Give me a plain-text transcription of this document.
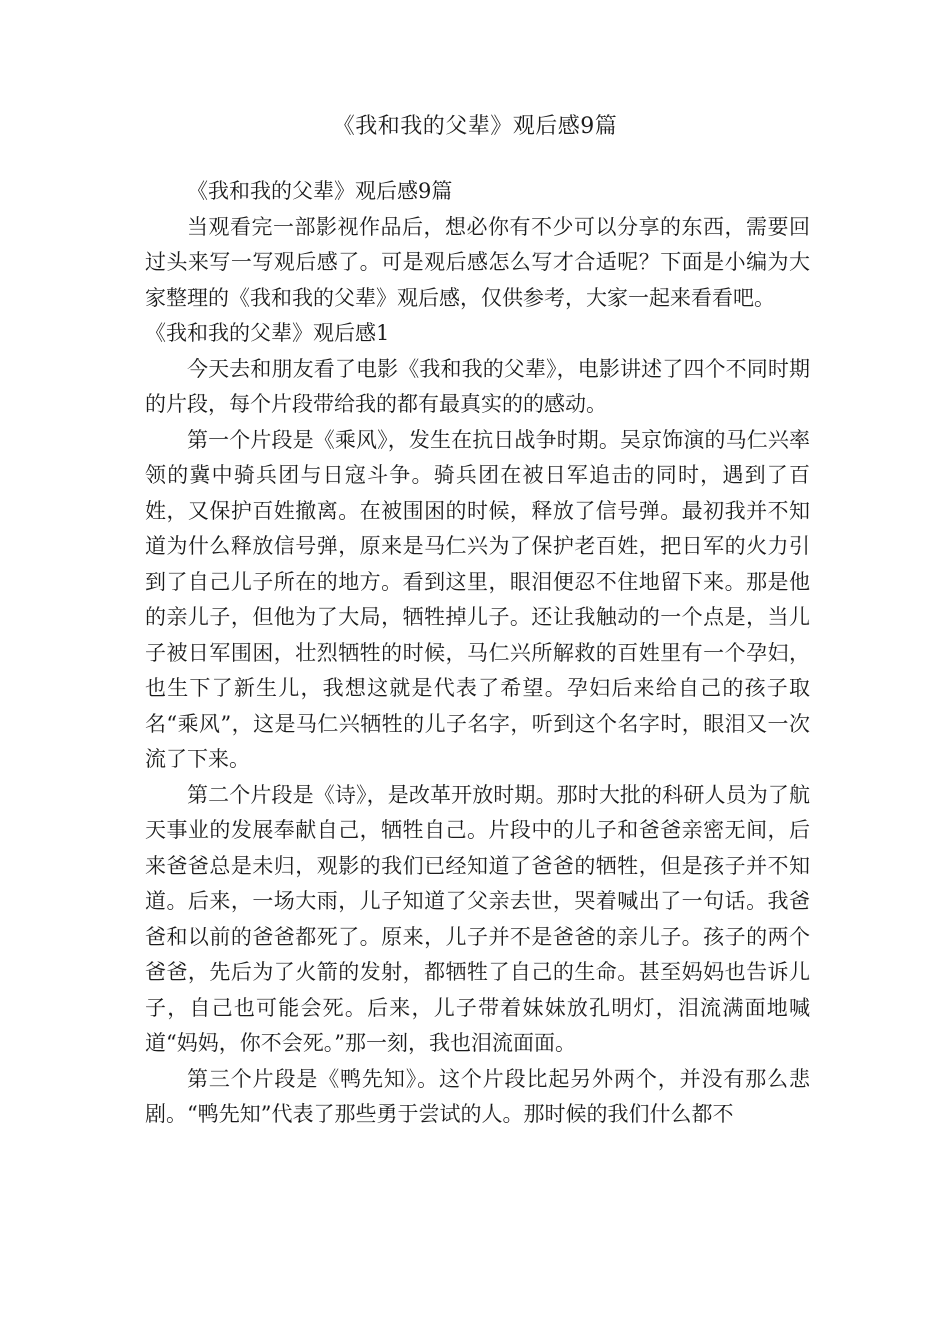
《我和我的父辈》观后感9篇

《我和我的父辈》观后感9篇

当观看完一部影视作品后，想必你有不少可以分享的东西，需要回过头来写一写观后感了。可是观后感怎么写才合适呢？下面是小编为大家整理的《我和我的父辈》观后感，仅供参考，大家一起来看看吧。

《我和我的父辈》观后感1

今天去和朋友看了电影《我和我的父辈》，电影讲述了四个不同时期的片段，每个片段带给我的都有最真实的的感动。

第一个片段是《乘风》，发生在抗日战争时期。吴京饰演的马仁兴率领的冀中骑兵团与日寇斗争。骑兵团在被日军追击的同时，遇到了百姓，又保护百姓撤离。在被围困的时候，释放了信号弹。最初我并不知道为什么释放信号弹，原来是马仁兴为了保护老百姓，把日军的火力引到了自己儿子所在的地方。看到这里，眼泪便忍不住地留下来。那是他的亲儿子，但他为了大局，牺牲掉儿子。还让我触动的一个点是，当儿子被日军围困，壮烈牺牲的时候，马仁兴所解救的百姓里有一个孕妇，也生下了新生儿，我想这就是代表了希望。孕妇后来给自己的孩子取名“乘风”，这是马仁兴牺牲的儿子名字，听到这个名字时，眼泪又一次流了下来。

第二个片段是《诗》，是改革开放时期。那时大批的科研人员为了航天事业的发展奉献自己，牺牲自己。片段中的儿子和爸爸亲密无间，后来爸爸总是未归，观影的我们已经知道了爸爸的牺牲，但是孩子并不知道。后来，一场大雨，儿子知道了父亲去世，哭着喊出了一句话。我爸爸和以前的爸爸都死了。原来，儿子并不是爸爸的亲儿子。孩子的两个爸爸，先后为了火箭的发射，都牺牲了自己的生命。甚至妈妈也告诉儿子，自己也可能会死。后来，儿子带着妹妹放孔明灯，泪流满面地喊道“妈妈，你不会死。”那一刻，我也泪流面面。

第三个片段是《鸭先知》。这个片段比起另外两个，并没有那么悲剧。“鸭先知”代表了那些勇于尝试的人。那时候的我们什么都不
